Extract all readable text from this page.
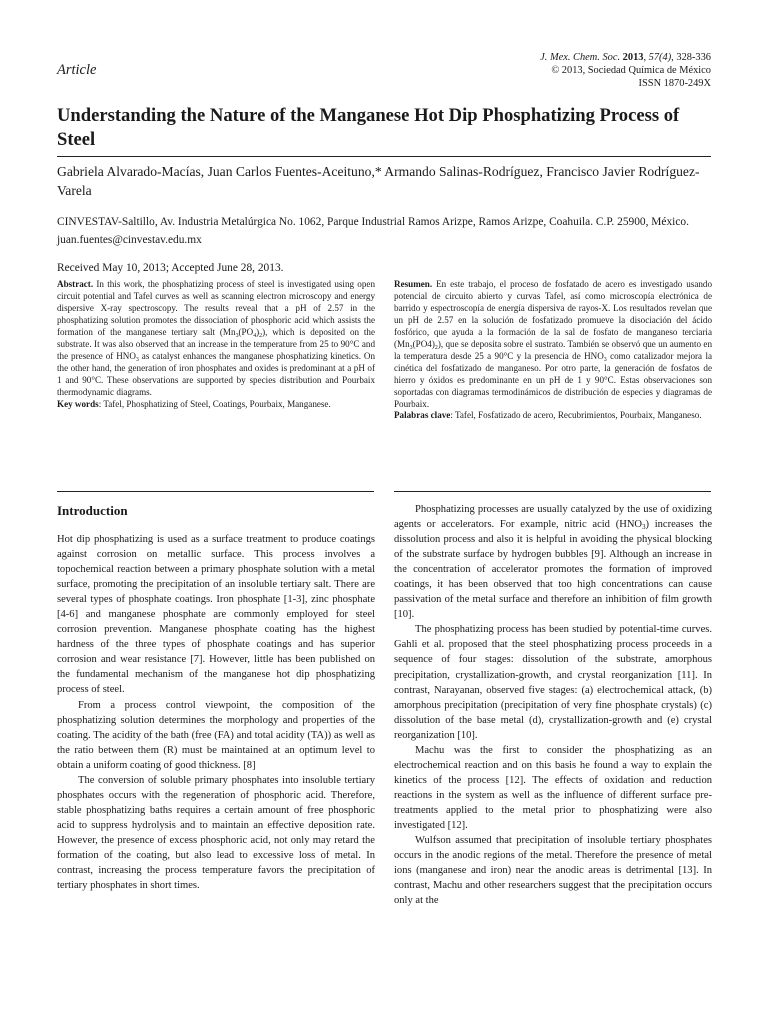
J. Mex. Chem. Soc. 2013, 57(4), 328-336
© 2013, Sociedad Química de México
ISSN 1870-249X
Article
Understanding the Nature of the Manganese Hot Dip Phosphatizing Process of Steel

Gabriela Alvarado-Macías, Juan Carlos Fuentes-Aceituno,* Armando Salinas-Rodríguez, Francisco Javier Rodríguez-Varela

CINVESTAV-Saltillo, Av. Industria Metalúrgica No. 1062, Parque Industrial Ramos Arizpe, Ramos Arizpe, Coahuila. C.P. 25900, México. juan.fuentes@cinvestav.edu.mx

Received May 10, 2013; Accepted June 28, 2013.

Abstract. In this work, the phosphatizing process of steel is investigated using open circuit potential and Tafel curves as well as scanning electron microscopy and energy dispersive X-ray spectroscopy. The results reveal that a pH of 2.57 in the phosphatizing solution promotes the dissociation of phosphoric acid which assists the formation of the manganese tertiary salt $(Mn_3(PO_4)_2)$, which is deposited on the substrate. It was also observed that an increase in the temperature from 25 to 90°C and the presence of $HNO_3$ as catalyst enhances the manganese phosphatizing kinetics. On the other hand, the generation of iron phosphates and oxides is predominant at a pH of 1 and 90°C. These observations are supported by species distribution and Pourbaix thermodynamic diagrams.

Key words: Tafel, Phosphatizing of Steel, Coatings, Pourbaix, Manganese.

Resumen. En este trabajo, el proceso de fosfatado de acero es investigado usando potencial de circuito abierto y curvas Tafel, así como microscopía electrónica de barrido y espectroscopía de energía dispersiva de rayos-X. Los resultados revelan que un pH de 2.57 en la solución de fosfatizado promueve la disociación del ácido fosfórico, que ayuda a la formación de la sal de fosfato de manganeso terciaria $(Mn_3(PO4)_2)$, que se deposita sobre el sustrato. También se observó que un aumento en la temperatura desde 25 a 90°C y la presencia de $HNO_3$ como catalizador mejora la cinética del fosfatizado de manganeso. Por otro parte, la generación de fosfatos de hierro y óxidos es predominante en un pH de 1 y 90°C. Estas observaciones son soportadas con diagramas termodinámicos de distribución de especies y diagramas de Pourbaix.

Palabras clave: Tafel, Fosfatizado de acero, Recubrimientos, Pourbaix, Manganeso.

Introduction

Hot dip phosphatizing is used as a surface treatment to produce coatings against corrosion on metallic surface. This process involves a topochemical reaction between a primary phosphate solution with a metal surface, promoting the precipitation of an insoluble tertiary salt. There are several types of phosphate coatings. Iron phosphate [1-3], zinc phosphate [4-6] and manganese phosphate are commonly employed for steel corrosion prevention. Manganese phosphate coating has the highest hardness of the three types of phosphate coatings and has superior corrosion and wear resistance [7]. However, little has been published on the fundamental mechanism of the manganese hot dip phosphatizing process of steel.

From a process control viewpoint, the composition of the phosphatizing solution determines the morphology and properties of the coating. The acidity of the bath (free (FA) and total acidity (TA)) as well as the ratio between them (R) must be maintained at an optimum level to obtain a uniform coating of good thickness. [8]

The conversion of soluble primary phosphates into insoluble tertiary phosphates occurs with the regeneration of phosphoric acid. Therefore, stable phosphatizing baths requires a certain amount of free phosphoric acid to suppress hydrolysis and to maintain an effective deposition rate. However, the presence of excess phosphoric acid, not only may retard the formation of the coating, but also lead to excessive loss of metal. In contrast, increasing the process temperature favors the precipitation of tertiary phosphates in short times.

Phosphatizing processes are usually catalyzed by the use of oxidizing agents or accelerators. For example, nitric acid $(HNO_3)$ increases the dissolution process and also it is helpful in avoiding the physical blocking of the substrate surface by hydrogen bubbles [9]. Although an increase in the concentration of accelerator promotes the formation of improved coatings, it has been observed that too high concentrations can cause passivation of the metal surface and therefore an inhibition of film growth [10].

The phosphatizing process has been studied by potential-time curves. Gahli et al. proposed that the steel phosphatizing process proceeds in a sequence of four stages: dissolution of the substrate, amorphous precipitation, crystallization-growth, and crystal reorganization [11]. In contrast, Narayanan, observed five stages: (a) electrochemical attack, (b) amorphous precipitation (precipitation of very fine phosphate crystals) (c) dissolution of the base metal (d), crystallization-growth and (e) crystal reorganization [10].

Machu was the first to consider the phosphatizing as an electrochemical reaction and on this basis he found a way to explain the kinetics of the process [12]. The effects of oxidation and reduction reactions in the system as well as the influence of different surface pre-treatments applied to the metal prior to phosphatizing were also investigated [12].

Wulfson assumed that precipitation of insoluble tertiary phosphates occurs in the anodic regions of the metal. Therefore the presence of metal ions (manganese and iron) near the anodic areas is detrimental [13]. In contrast, Machu and other researchers suggest that the precipitation occurs only at the
